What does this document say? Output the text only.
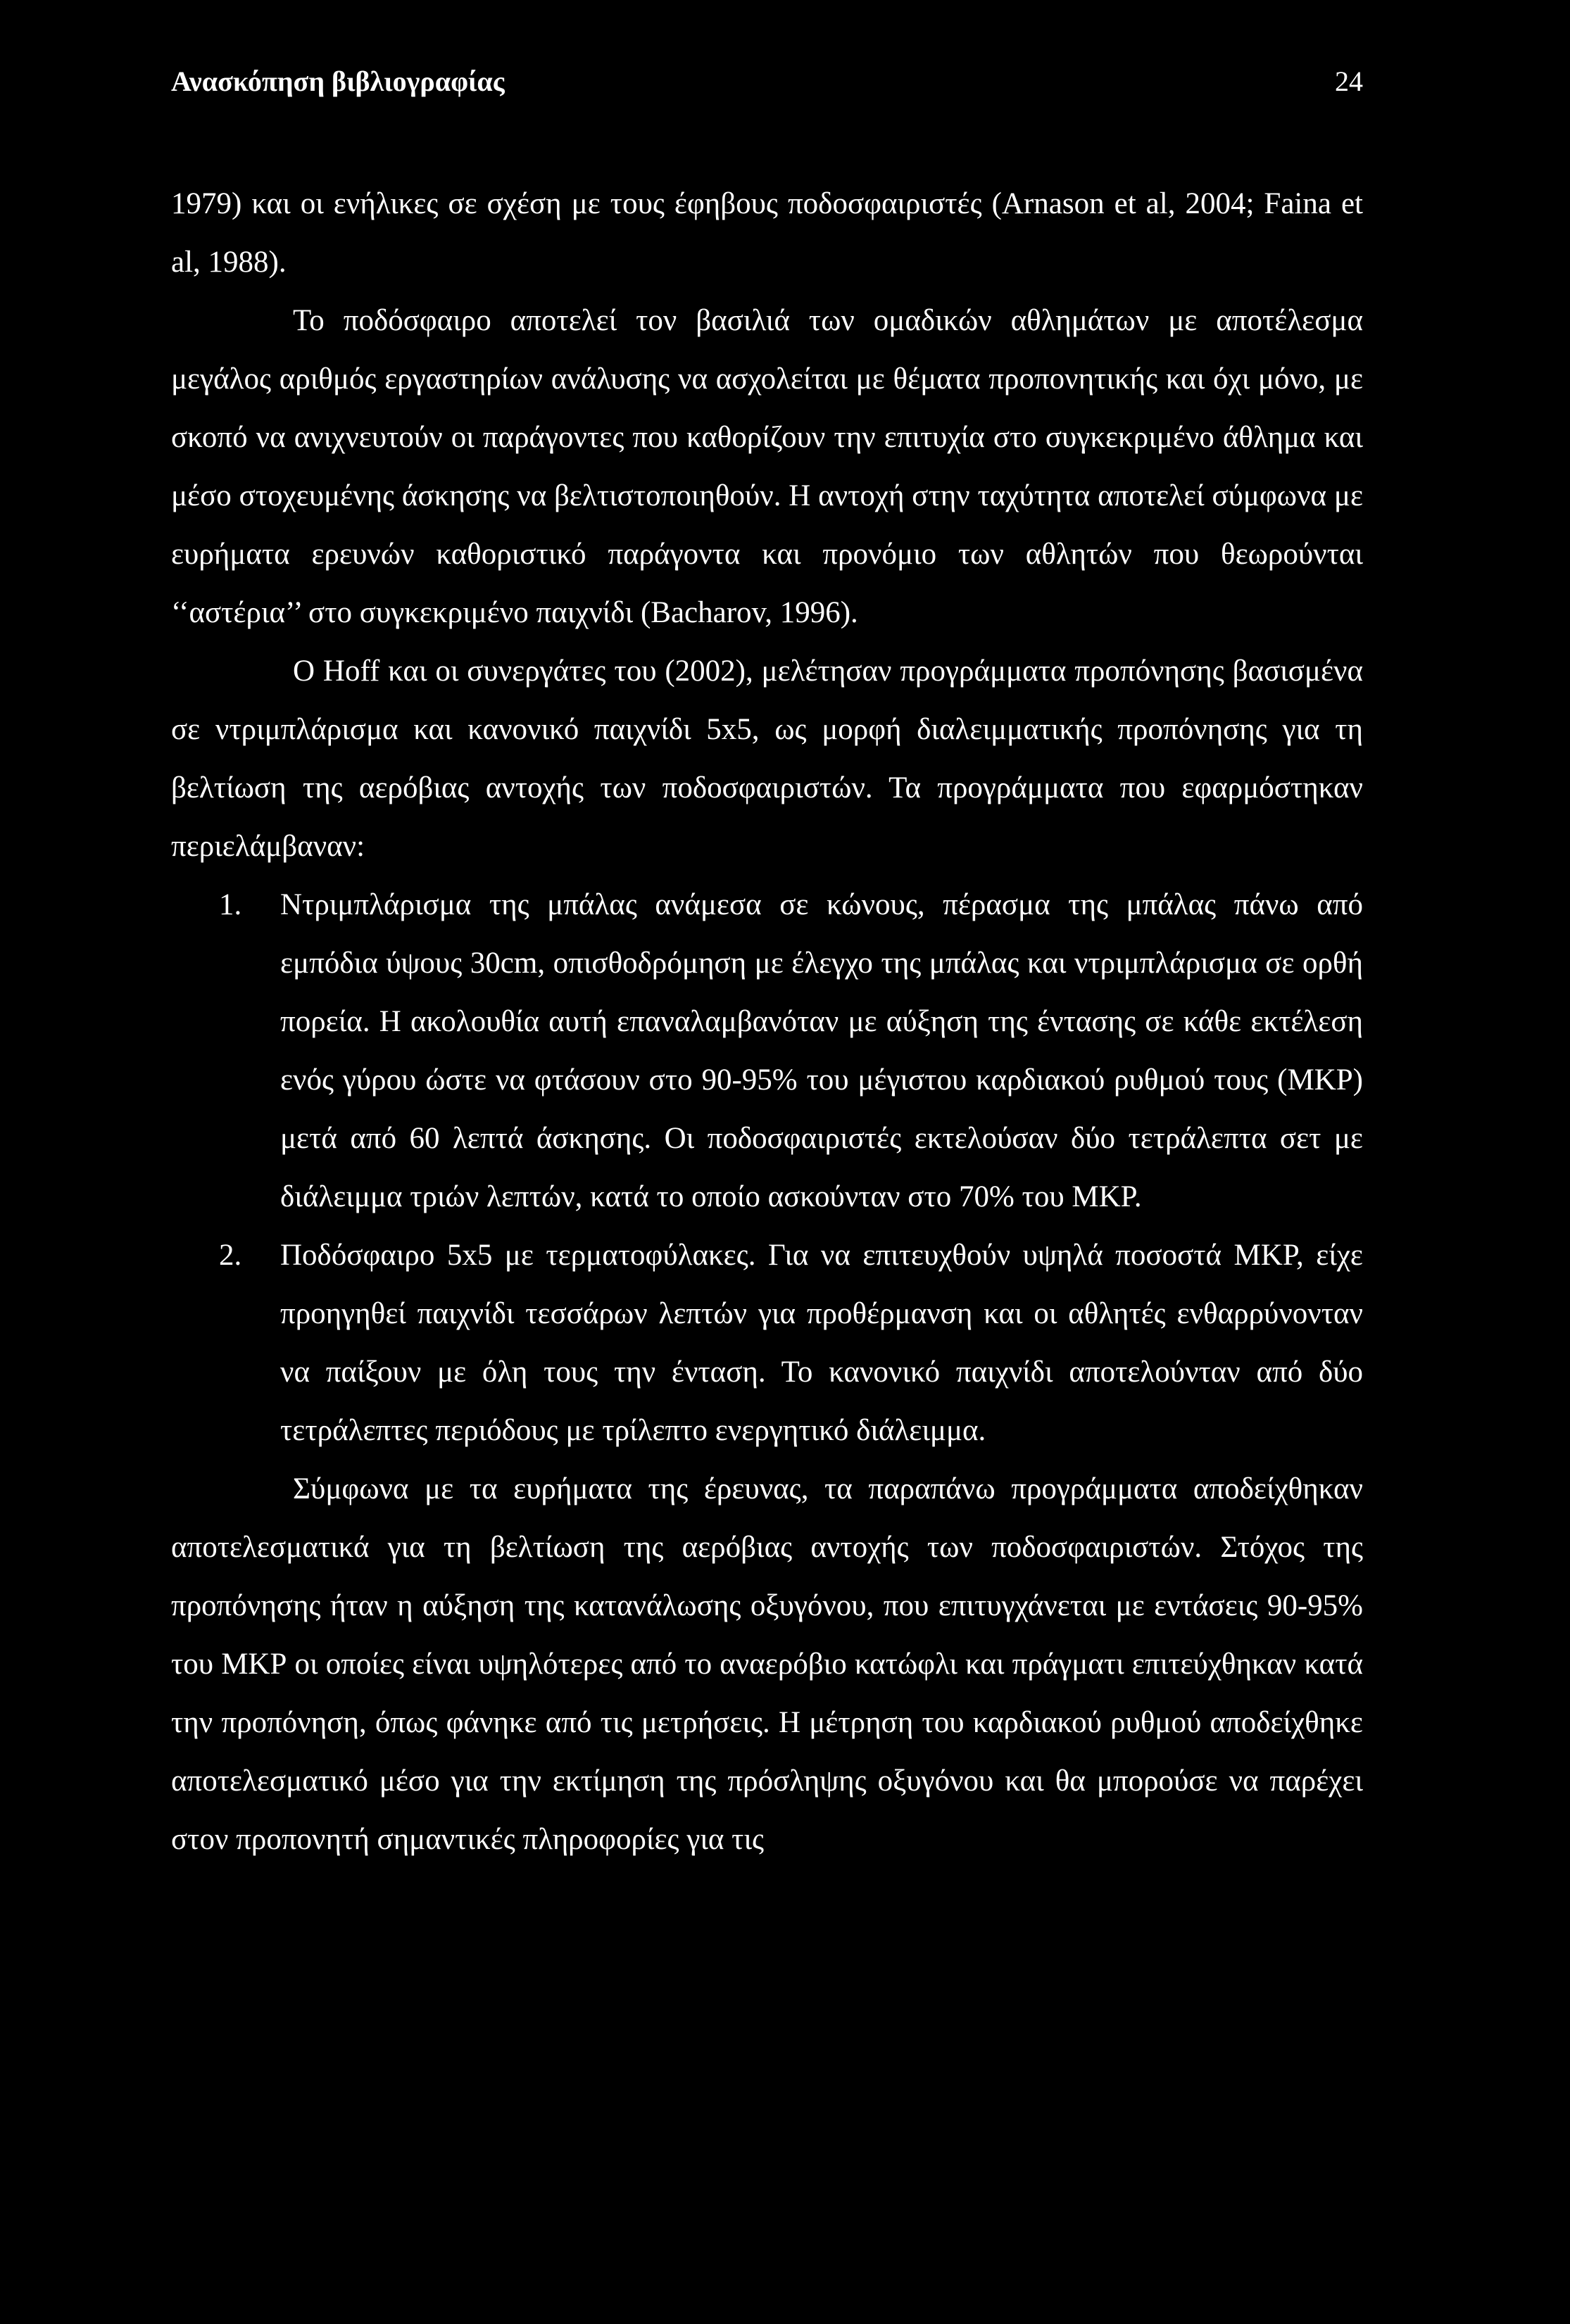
Ανασκόπηση βιβλιογραφίας	24

1979) και οι ενήλικες σε σχέση με τους έφηβους ποδοσφαιριστές (Arnason et al, 2004; Faina et al, 1988).

Το ποδόσφαιρο αποτελεί τον βασιλιά των ομαδικών αθλημάτων με αποτέλεσμα μεγάλος αριθμός εργαστηρίων ανάλυσης να ασχολείται με θέματα προπονητικής και όχι μόνο, με σκοπό να ανιχνευτούν οι παράγοντες που καθορίζουν την επιτυχία στο συγκεκριμένο άθλημα και μέσο στοχευμένης άσκησης να βελτιστοποιηθούν. Η αντοχή στην ταχύτητα αποτελεί σύμφωνα με ευρήματα ερευνών καθοριστικό παράγοντα και προνόμιο των αθλητών που θεωρούνται ‘‘αστέρια’’ στο συγκεκριμένο παιχνίδι (Bacharov, 1996).

Ο Hoff και οι συνεργάτες του (2002), μελέτησαν προγράμματα προπόνησης βασισμένα σε ντριμπλάρισμα και κανονικό παιχνίδι 5x5, ως μορφή διαλειμματικής προπόνησης για τη βελτίωση της αερόβιας αντοχής των ποδοσφαιριστών. Τα προγράμματα που εφαρμόστηκαν περιελάμβαναν:

1. Ντριμπλάρισμα της μπάλας ανάμεσα σε κώνους, πέρασμα της μπάλας πάνω από εμπόδια ύψους 30cm, οπισθοδρόμηση με έλεγχο της μπάλας και ντριμπλάρισμα σε ορθή πορεία. Η ακολουθία αυτή επαναλαμβανόταν με αύξηση της έντασης σε κάθε εκτέλεση ενός γύρου ώστε να φτάσουν στο 90-95% του μέγιστου καρδιακού ρυθμού τους (ΜΚΡ) μετά από 60 λεπτά άσκησης. Οι ποδοσφαιριστές εκτελούσαν δύο τετράλεπτα σετ με διάλειμμα τριών λεπτών, κατά το οποίο ασκούνταν στο 70% του ΜΚΡ.
2. Ποδόσφαιρο 5x5 με τερματοφύλακες. Για να επιτευχθούν υψηλά ποσοστά ΜΚΡ, είχε προηγηθεί παιχνίδι τεσσάρων λεπτών για προθέρμανση και οι αθλητές ενθαρρύνονταν να παίξουν με όλη τους την ένταση. Το κανονικό παιχνίδι αποτελούνταν από δύο τετράλεπτες περιόδους με τρίλεπτο ενεργητικό διάλειμμα.

Σύμφωνα με τα ευρήματα της έρευνας, τα παραπάνω προγράμματα αποδείχθηκαν αποτελεσματικά για τη βελτίωση της αερόβιας αντοχής των ποδοσφαιριστών. Στόχος της προπόνησης ήταν η αύξηση της κατανάλωσης οξυγόνου, που επιτυγχάνεται με εντάσεις 90-95% του ΜΚΡ οι οποίες είναι υψηλότερες από το αναερόβιο κατώφλι και πράγματι επιτεύχθηκαν κατά την προπόνηση, όπως φάνηκε από τις μετρήσεις. Η μέτρηση του καρδιακού ρυθμού αποδείχθηκε αποτελεσματικό μέσο για την εκτίμηση της πρόσληψης οξυγόνου και θα μπορούσε να παρέχει στον προπονητή σημαντικές πληροφορίες για τις
